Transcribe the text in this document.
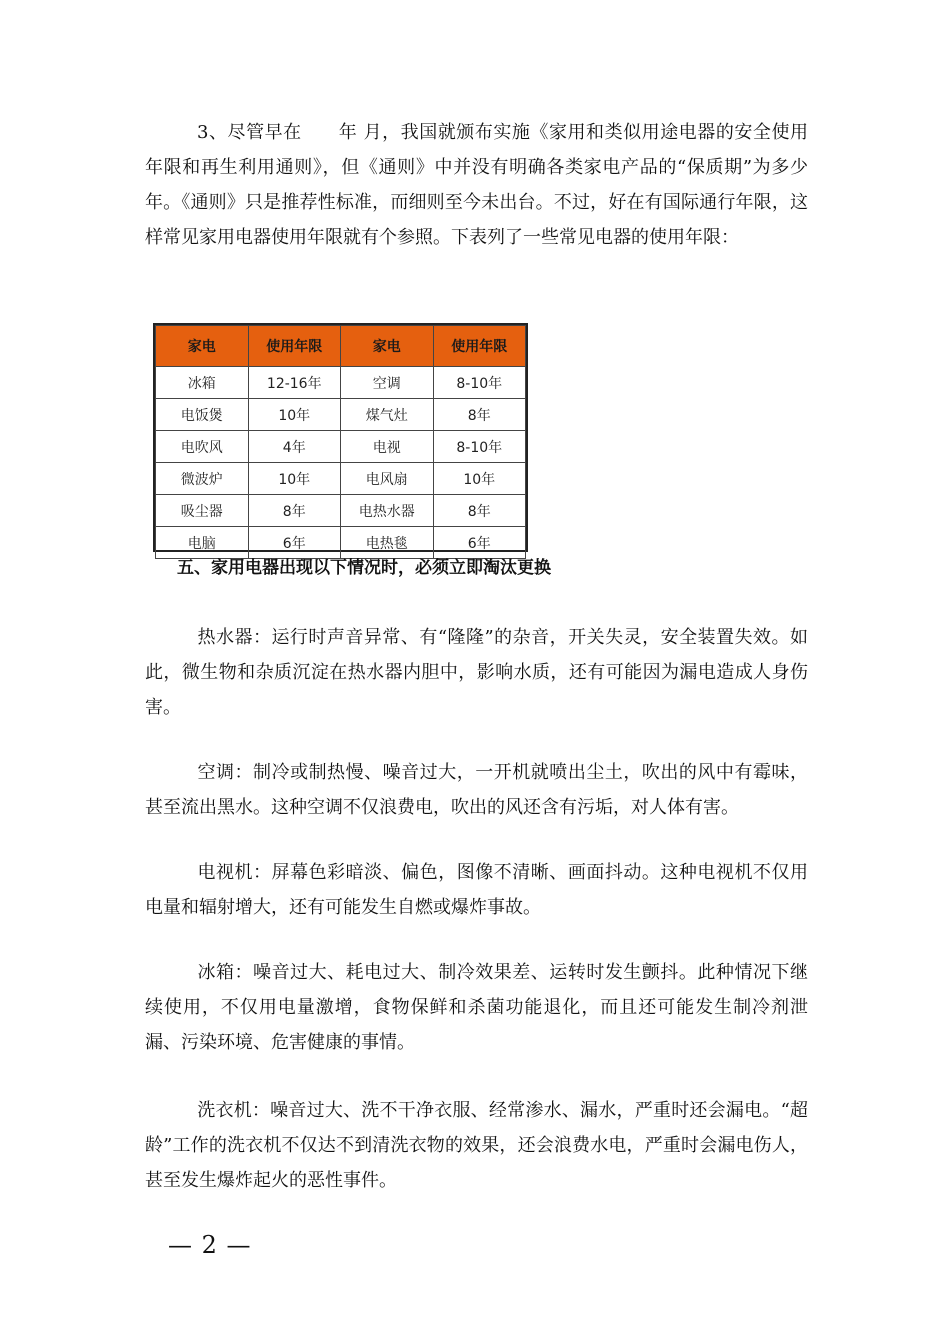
3、尽管早在　　年 月，我国就颁布实施《家用和类似用途电器的安全使用年限和再生利用通则》，但《通则》中并没有明确各类家电产品的“保质期”为多少年。《通则》只是推荐性标准，而细则至今未出台。不过，好在有国际通行年限，这样常见家用电器使用年限就有个参照。下表列了一些常见电器的使用年限：

家电	使用年限	家电	使用年限
冰箱	12-16年	空调	8-10年
电饭煲	10年	煤气灶	8年
电吹风	4年	电视	8-10年
微波炉	10年	电风扇	10年
吸尘器	8年	电热水器	8年
电脑	6年	电热毯	6年
五、家用电器出现以下情况时，必须立即淘汰更换

热水器：运行时声音异常、有“隆隆”的杂音，开关失灵，安全装置失效。如此，微生物和杂质沉淀在热水器内胆中，影响水质，还有可能因为漏电造成人身伤害。

空调：制冷或制热慢、噪音过大，一开机就喷出尘土，吹出的风中有霉味，甚至流出黑水。这种空调不仅浪费电，吹出的风还含有污垢，对人体有害。

电视机：屏幕色彩暗淡、偏色，图像不清晰、画面抖动。这种电视机不仅用电量和辐射增大，还有可能发生自燃或爆炸事故。

冰箱：噪音过大、耗电过大、制冷效果差、运转时发生颤抖。此种情况下继续使用，不仅用电量激增，食物保鲜和杀菌功能退化，而且还可能发生制冷剂泄漏、污染环境、危害健康的事情。

洗衣机：噪音过大、洗不干净衣服、经常渗水、漏水，严重时还会漏电。“超龄”工作的洗衣机不仅达不到清洗衣物的效果，还会浪费水电，严重时会漏电伤人，甚至发生爆炸起火的恶性事件。

— 2 —
